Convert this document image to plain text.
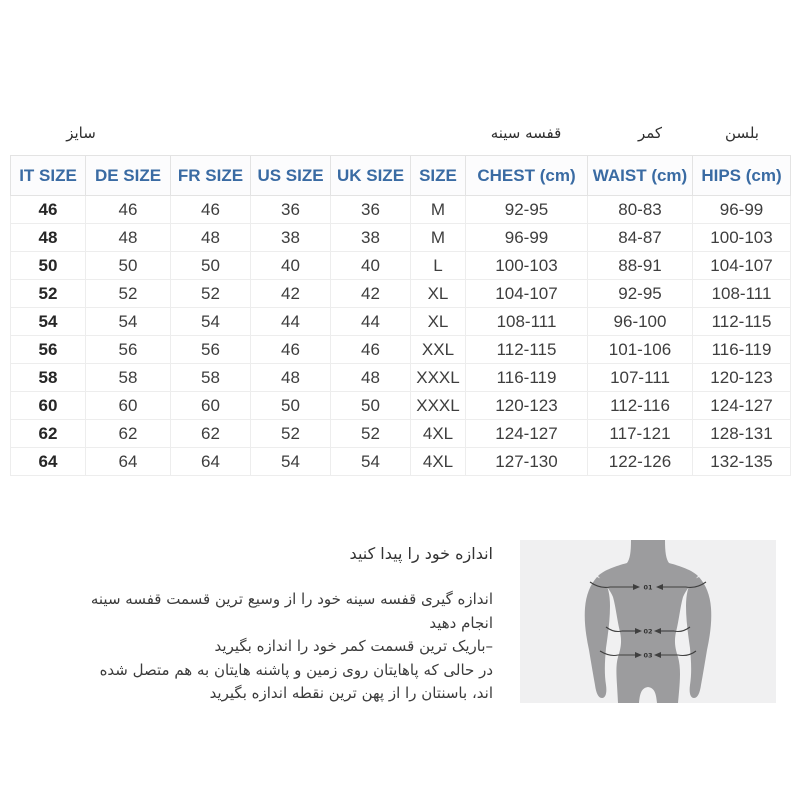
سایز	قفسه سینه	کمر	بلسن
IT SIZE	DE SIZE	FR SIZE	US SIZE	UK SIZE	SIZE	CHEST (cm)	WAIST (cm)	HIPS (cm)
46	46	46	36	36	M	92-95	80-83	96-99
48	48	48	38	38	M	96-99	84-87	100-103
50	50	50	40	40	L	100-103	88-91	104-107
52	52	52	42	42	XL	104-107	92-95	108-111
54	54	54	44	44	XL	108-111	96-100	112-115
56	56	56	46	46	XXL	112-115	101-106	116-119
58	58	58	48	48	XXXL	116-119	107-111	120-123
60	60	60	50	50	XXXL	120-123	112-116	124-127
62	62	62	52	52	4XL	124-127	117-121	128-131
64	64	64	54	54	4XL	127-130	122-126	132-135
اندازه خود را پیدا کنید
اندازه گیری قفسه سینه خود را از وسیع ترین قسمت قفسه سینه
انجام دهید
–باریک ترین قسمت کمر خود را اندازه بگیرید
در حالی که پاهایتان روی زمین و پاشنه هایتان به هم متصل شده
اند، باسنتان را از پهن ترین نقطه اندازه بگیرید
01
02
03
